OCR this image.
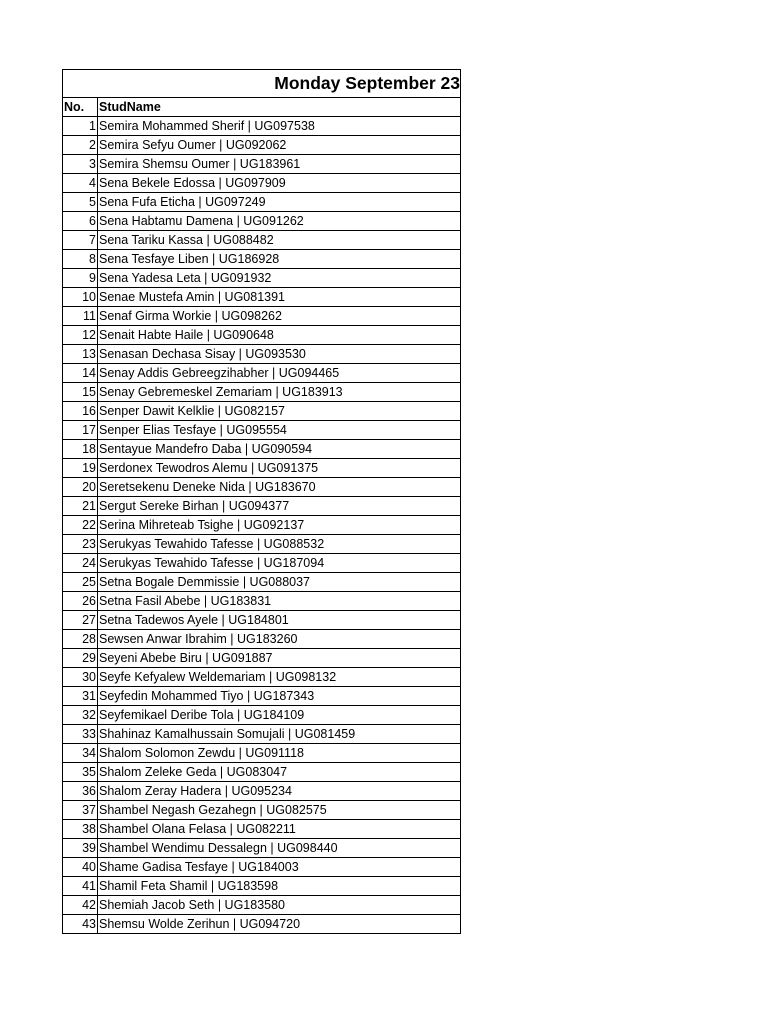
Monday September 23	
No.	StudName
1	Semira Mohammed Sherif | UG097538
2	Semira Sefyu Oumer | UG092062
3	Semira Shemsu Oumer | UG183961
4	Sena Bekele Edossa | UG097909
5	Sena Fufa Eticha | UG097249
6	Sena Habtamu Damena | UG091262
7	Sena Tariku Kassa | UG088482
8	Sena Tesfaye Liben | UG186928
9	Sena Yadesa Leta | UG091932
10	Senae Mustefa Amin | UG081391
11	Senaf Girma Workie | UG098262
12	Senait Habte Haile | UG090648
13	Senasan Dechasa Sisay | UG093530
14	Senay Addis Gebreegzihabher | UG094465
15	Senay Gebremeskel Zemariam | UG183913
16	Senper Dawit Kelklie | UG082157
17	Senper Elias Tesfaye | UG095554
18	Sentayue Mandefro Daba | UG090594
19	Serdonex Tewodros Alemu | UG091375
20	Seretsekenu Deneke Nida | UG183670
21	Sergut Sereke Birhan | UG094377
22	Serina Mihreteab Tsighe | UG092137
23	Serukyas Tewahido Tafesse | UG088532
24	Serukyas Tewahido Tafesse | UG187094
25	Setna Bogale Demmissie | UG088037
26	Setna Fasil Abebe | UG183831
27	Setna Tadewos Ayele | UG184801
28	Sewsen Anwar Ibrahim | UG183260
29	Seyeni Abebe Biru | UG091887
30	Seyfe Kefyalew Weldemariam | UG098132
31	Seyfedin Mohammed Tiyo | UG187343
32	Seyfemikael Deribe Tola | UG184109
33	Shahinaz Kamalhussain Somujali | UG081459
34	Shalom Solomon Zewdu | UG091118
35	Shalom Zeleke Geda | UG083047
36	Shalom Zeray Hadera | UG095234
37	Shambel Negash Gezahegn | UG082575
38	Shambel Olana Felasa | UG082211
39	Shambel Wendimu Dessalegn | UG098440
40	Shame Gadisa Tesfaye | UG184003
41	Shamil Feta Shamil | UG183598
42	Shemiah Jacob Seth | UG183580
43	Shemsu Wolde Zerihun | UG094720
